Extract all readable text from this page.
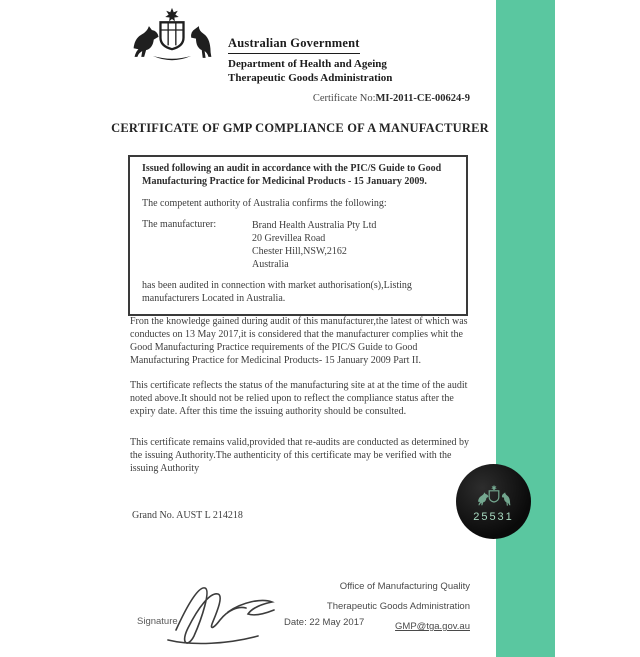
Australian Government
Department of Health and Ageing
Therapeutic Goods Administration
Certificate No:MI-2011-CE-00624-9
CERTIFICATE OF GMP COMPLIANCE OF A MANUFACTURER

Issued following an audit in accordance with the PIC/S Guide to Good Manufacturing Practice for Medicinal Products - 15 January 2009.

The competent authority of Australia confirms the following:

The manufacturer:	Brand Health Australia Pty Ltd
20 Grevillea Road
Chester Hill,NSW,2162
Australia

has been audited in connection with market authorisation(s),Listing manufacturers Located in Australia.

Fron the knowledge gained during audit of this manufacturer,the latest of which was conductes on 13 May 2017,it is considered that the manufacturer complies whit the Good Manufacturing Practice requirements of the PIC/S Guide to Good Manufacturing Practice for Medicinal Products- 15 January 2009 Part II.

This certificate reflects the status of the manufacturing site at at the time of the audit noted above.It should not be relied upon to reflect the compliance status after the expiry date. After this time the issuing authority should be consulted.

This certificate remains valid,provided that re-audits are conducted as determined by the issuing Authority.The authenticity of this certificate may be verified with the issuing Authority

Grand No. AUST L 214218	25531
Office of Manufacturing Quality
Therapeutic Goods Administration
GMP@tga.gov.au
Date: 22 May 2017
Signature
